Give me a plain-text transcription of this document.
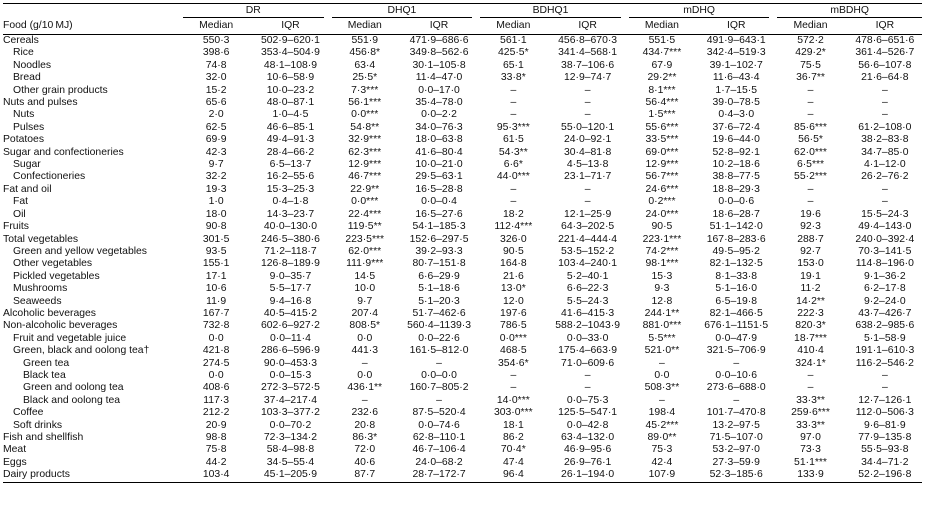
	DR		DHQ1		BDHQ1		mDHQ		mBDHQ	

Food (g/10 MJ)	Median	IQR	Median	IQR	Median	IQR	Median	IQR	Median	IQR
Cereals	550·3	502·9–620·1	551·9	471·9–686·6	561·1	456·8–670·3	551·5	491·9–643·1	572·2	478·6–651·6
Rice	398·6	353·4–504·9	456·8*	349·8–562·6	425·5*	341·4–568·1	434·7***	342·4–519·3	429·2*	361·4–526·7
Noodles	74·8	48·1–108·9	63·4	30·1–105·8	65·1	38·7–106·6	67·9	39·1–102·7	75·5	56·6–107·8
Bread	32·0	10·6–58·9	25·5*	11·4–47·0	33·8*	12·9–74·7	29·2**	11·6–43·4	36·7**	21·6–64·8
Other grain products	15·2	10·0–23·2	7·3***	0·0–17·0	–	–	8·1***	1·7–15·5	–	–
Nuts and pulses	65·6	48·0–87·1	56·1***	35·4–78·0	–	–	56·4***	39·0–78·5	–	–
Nuts	2·0	1·0–4·5	0·0***	0·0–2·2	–	–	1·5***	0·4–3·0	–	–
Pulses	62·5	46·6–85·1	54·8**	34·0–76·3	95·3***	55·0–120·1	55·6***	37·6–72·4	85·6***	61·2–108·0
Potatoes	69·9	49·4–91·3	32·9***	18·0–63·8	61·5	24·0–92·1	33·5***	19·6–44·0	56·5*	38·2–83·8
Sugar and confectioneries	42·3	28·4–66·2	62·3***	41·6–80·4	54·3**	30·4–81·8	69·0***	52·8–92·1	62·0***	34·7–85·0
Sugar	9·7	6·5–13·7	12·9***	10·0–21·0	6·6*	4·5–13·8	12·9***	10·2–18·6	6·5***	4·1–12·0
Confectioneries	32·2	16·2–55·6	46·7***	29·5–63·1	44·0***	23·1–71·7	56·7***	38·8–77·5	55·2***	26·2–76·2
Fat and oil	19·3	15·3–25·3	22·9**	16·5–28·8	–	–	24·6***	18·8–29·3	–	–
Fat	1·0	0·4–1·8	0·0***	0·0–0·4	–	–	0·2***	0·0–0·6	–	–
Oil	18·0	14·3–23·7	22·4***	16·5–27·6	18·2	12·1–25·9	24·0***	18·6–28·7	19·6	15·5–24·3
Fruits	90·8	40·0–130·0	119·5**	54·1–185·3	112·4***	64·3–202·5	90·5	51·1–142·0	92·3	49·4–143·0
Total vegetables	301·5	246·5–380·6	223·5***	152·6–297·5	326·0	221·4–444·4	223·1***	167·8–283·6	288·7	240·0–392·4
Green and yellow vegetables	93·5	71·2–118·7	62·0***	39·2–93·3	90·5	53·5–152·2	74·2***	49·5–95·2	92·7	70·3–141·5
Other vegetables	155·1	126·8–189·9	111·9***	80·7–151·8	164·8	103·4–240·1	98·1***	82·1–132·5	153·0	114·8–196·0
Pickled vegetables	17·1	9·0–35·7	14·5	6·6–29·9	21·6	5·2–40·1	15·3	8·1–33·8	19·1	9·1–36·2
Mushrooms	10·6	5·5–17·7	10·0	5·1–18·6	13·0*	6·6–22·3	9·3	5·1–16·0	11·2	6·2–17·8
Seaweeds	11·9	9·4–16·8	9·7	5·1–20·3	12·0	5·5–24·3	12·8	6·5–19·8	14·2**	9·2–24·0
Alcoholic beverages	167·7	40·5–415·2	207·4	51·7–462·6	197·6	41·6–415·3	244·1**	82·1–466·5	222·3	43·7–426·7
Non-alcoholic beverages	732·8	602·6–927·2	808·5*	560·4–1139·3	786·5	588·2–1043·9	881·0***	676·1–1151·5	820·3*	638·2–985·6
Fruit and vegetable juice	0·0	0·0–11·4	0·0	0·0–22·6	0·0***	0·0–33·0	5·5***	0·0–47·9	18·7***	5·1–58·9
Green, black and oolong tea†	421·8	286·6–596·9	441·3	161·5–812·0	468·5	175·4–663·9	521·0**	321·5–706·9	410·4	191·1–610·3
Green tea	274·5	90·0–453·3	–	–	354·6*	71·0–609·6	–	–	324·1*	116·2–546·2
Black tea	0·0	0·0–15·3	0·0	0·0–0·0	–	–	0·0	0·0–10·6	–	–
Green and oolong tea	408·6	272·3–572·5	436·1**	160·7–805·2	–	–	508·3**	273·6–688·0	–	–
Black and oolong tea	117·3	37·4–217·4	–	–	14·0***	0·0–75·3	–	–	33·3**	12·7–126·1
Coffee	212·2	103·3–377·2	232·6	87·5–520·4	303·0***	125·5–547·1	198·4	101·7–470·8	259·6***	112·0–506·3
Soft drinks	20·9	0·0–70·2	20·8	0·0–74·6	18·1	0·0–42·8	45·2***	13·2–97·5	33·3**	9·6–81·9
Fish and shellfish	98·8	72·3–134·2	86·3*	62·8–110·1	86·2	63·4–132·0	89·0**	71·5–107·0	97·0	77·9–135·8
Meat	75·8	58·4–98·8	72·0	46·7–106·4	70·4*	46·9–95·6	75·3	53·2–97·0	73·3	55·5–93·8
Eggs	44·2	34·5–55·4	40·6	24·0–68·2	47·4	26·9–76·1	42·4	27·3–59·9	51·1***	34·4–71·2
Dairy products	103·4	45·1–205·9	87·7	28·7–172·7	96·4	26·1–194·0	107·9	52·3–185·6	133·9	52·2–196·8
